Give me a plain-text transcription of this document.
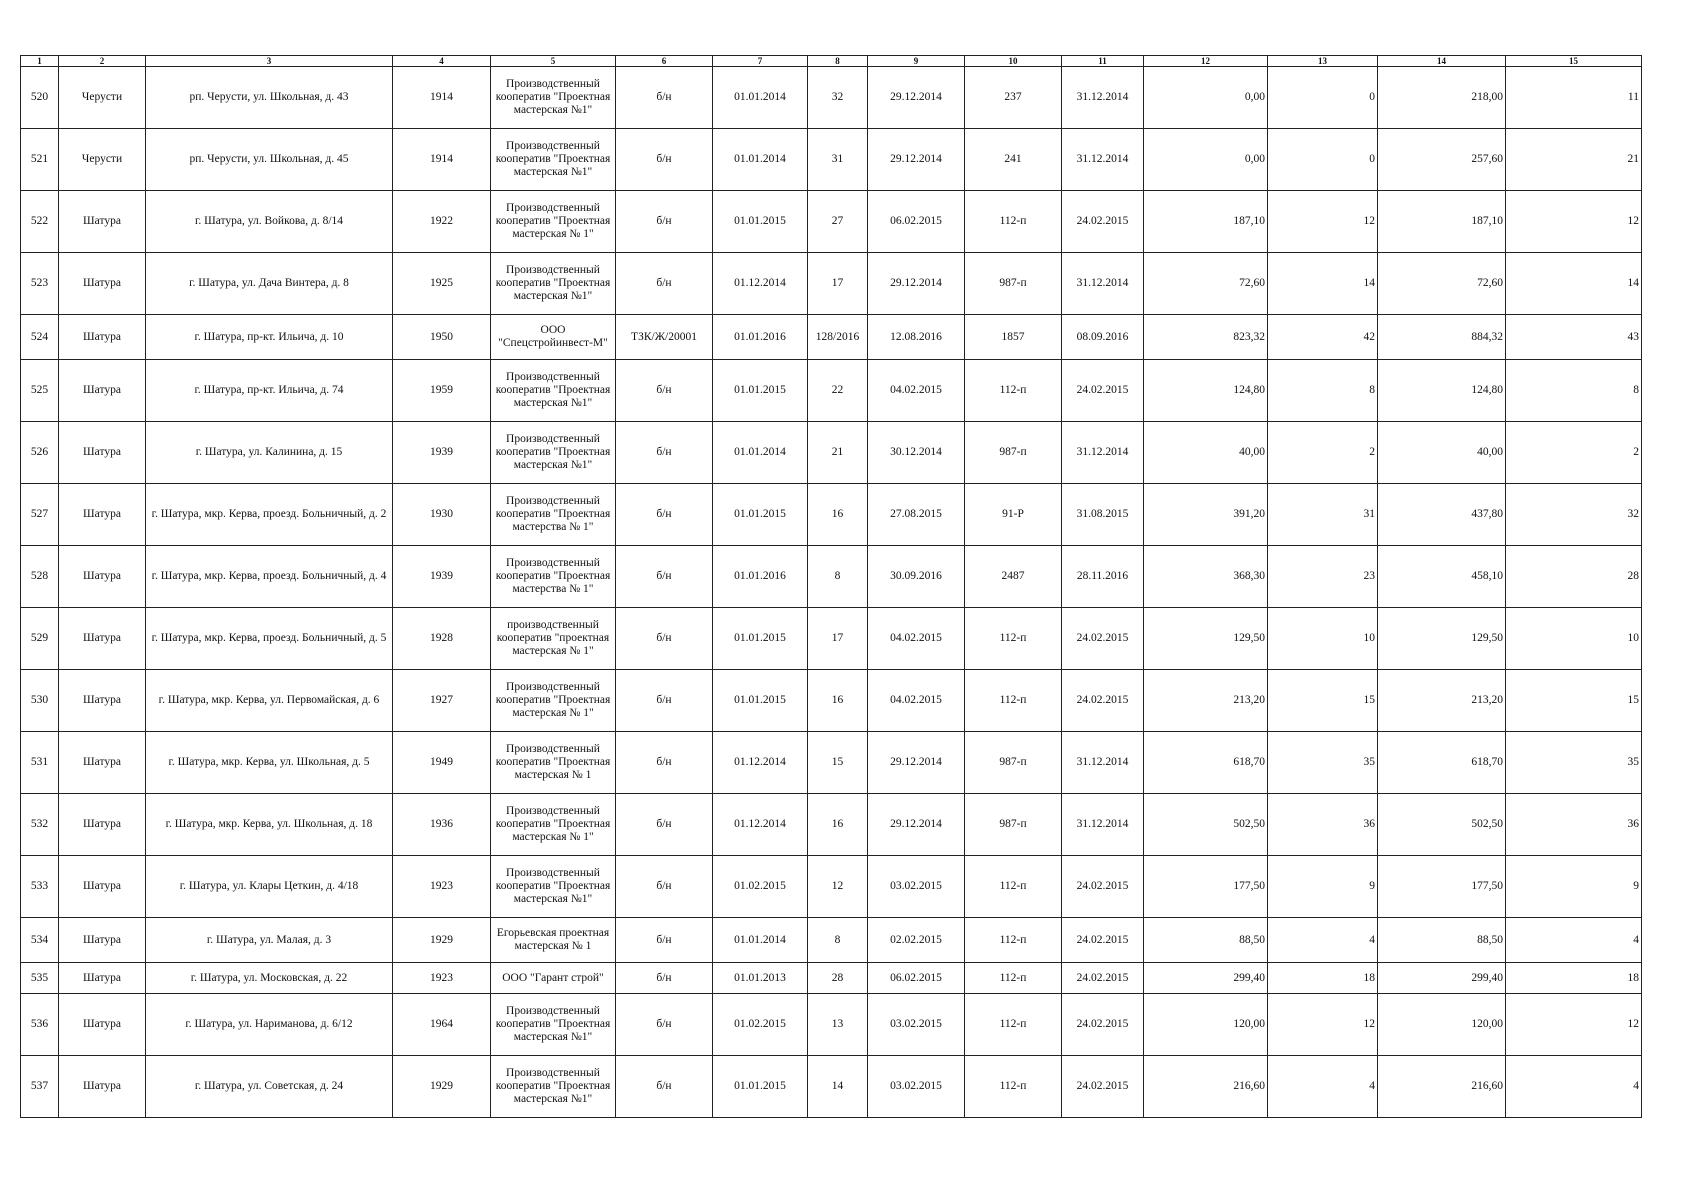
1	2	3	4	5	6	7	8	9	10	11	12	13	14	15
520	Черусти	рп. Черусти, ул. Школьная, д. 43	1914	Производственный кооператив "Проектная мастерская №1"	б/н	01.01.2014	32	29.12.2014	237	31.12.2014	0,00	0	218,00	11
521	Черусти	рп. Черусти, ул. Школьная, д. 45	1914	Производственный кооператив "Проектная мастерская №1"	б/н	01.01.2014	31	29.12.2014	241	31.12.2014	0,00	0	257,60	21
522	Шатура	г. Шатура, ул. Войкова, д. 8/14	1922	Производственный кооператив "Проектная мастерская № 1"	б/н	01.01.2015	27	06.02.2015	112-п	24.02.2015	187,10	12	187,10	12
523	Шатура	г. Шатура, ул. Дача Винтера, д. 8	1925	Производственный кооператив "Проектная мастерская №1"	б/н	01.12.2014	17	29.12.2014	987-п	31.12.2014	72,60	14	72,60	14
524	Шатура	г. Шатура, пр-кт. Ильича, д. 10	1950	ООО "Спецстройинвест-М"	ТЗК/Ж/20001	01.01.2016	128/2016	12.08.2016	1857	08.09.2016	823,32	42	884,32	43
525	Шатура	г. Шатура, пр-кт. Ильича, д. 74	1959	Производственный кооператив "Проектная мастерская №1"	б/н	01.01.2015	22	04.02.2015	112-п	24.02.2015	124,80	8	124,80	8
526	Шатура	г. Шатура, ул. Калинина, д. 15	1939	Производственный кооператив "Проектная мастерская №1"	б/н	01.01.2014	21	30.12.2014	987-п	31.12.2014	40,00	2	40,00	2
527	Шатура	г. Шатура, мкр. Керва, проезд. Больничный, д. 2	1930	Производственный кооператив "Проектная мастерства № 1"	б/н	01.01.2015	16	27.08.2015	91-Р	31.08.2015	391,20	31	437,80	32
528	Шатура	г. Шатура, мкр. Керва, проезд. Больничный, д. 4	1939	Производственный кооператив "Проектная мастерства № 1"	б/н	01.01.2016	8	30.09.2016	2487	28.11.2016	368,30	23	458,10	28
529	Шатура	г. Шатура, мкр. Керва, проезд. Больничный, д. 5	1928	производственный кооператив "проектная мастерская № 1"	б/н	01.01.2015	17	04.02.2015	112-п	24.02.2015	129,50	10	129,50	10
530	Шатура	г. Шатура, мкр. Керва, ул. Первомайская, д. 6	1927	Производственный кооператив "Проектная мастерская № 1"	б/н	01.01.2015	16	04.02.2015	112-п	24.02.2015	213,20	15	213,20	15
531	Шатура	г. Шатура, мкр. Керва, ул. Школьная, д. 5	1949	Производственный кооператив "Проектная мастерская № 1	б/н	01.12.2014	15	29.12.2014	987-п	31.12.2014	618,70	35	618,70	35
532	Шатура	г. Шатура, мкр. Керва, ул. Школьная, д. 18	1936	Производственный кооператив "Проектная мастерская № 1"	б/н	01.12.2014	16	29.12.2014	987-п	31.12.2014	502,50	36	502,50	36
533	Шатура	г. Шатура, ул. Клары Цеткин, д. 4/18	1923	Производственный кооператив "Проектная мастерская №1"	б/н	01.02.2015	12	03.02.2015	112-п	24.02.2015	177,50	9	177,50	9
534	Шатура	г. Шатура, ул. Малая, д. 3	1929	Егорьевская проектная мастерская № 1	б/н	01.01.2014	8	02.02.2015	112-п	24.02.2015	88,50	4	88,50	4
535	Шатура	г. Шатура, ул. Московская, д. 22	1923	ООО "Гарант строй"	б/н	01.01.2013	28	06.02.2015	112-п	24.02.2015	299,40	18	299,40	18
536	Шатура	г. Шатура, ул. Нариманова, д. 6/12	1964	Производственный кооператив "Проектная мастерская №1"	б/н	01.02.2015	13	03.02.2015	112-п	24.02.2015	120,00	12	120,00	12
537	Шатура	г. Шатура, ул. Советская, д. 24	1929	Производственный кооператив "Проектная мастерская №1"	б/н	01.01.2015	14	03.02.2015	112-п	24.02.2015	216,60	4	216,60	4
